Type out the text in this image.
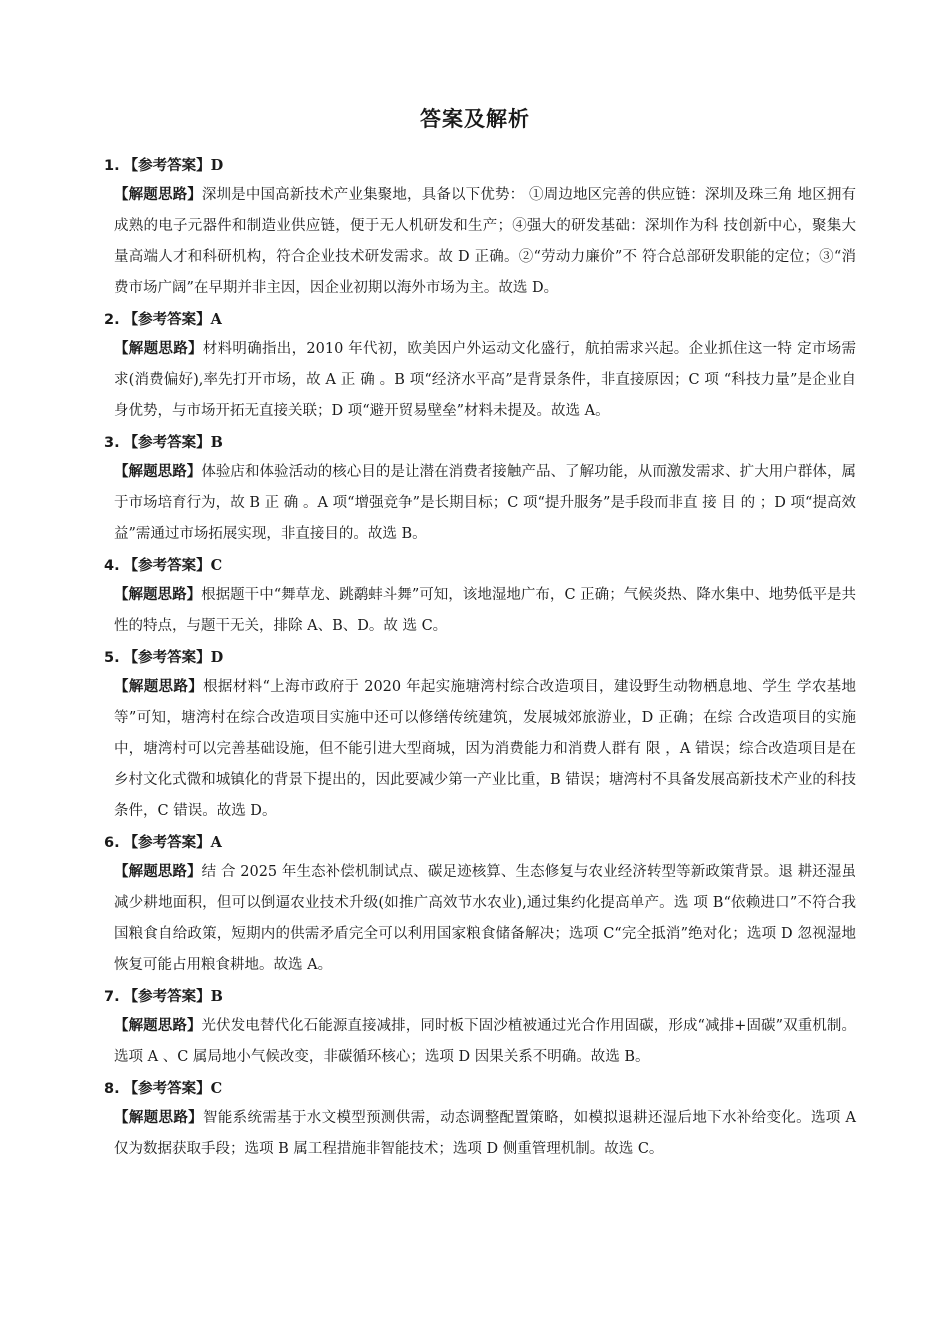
答案及解析
1. 【参考答案】D
【解题思路】深圳是中国高新技术产业集聚地，具备以下优势： ①周边地区完善的供应链：深圳及珠三角 地区拥有成熟的电子元器件和制造业供应链，便于无人机研发和生产；④强大的研发基础：深圳作为科 技创新中心，聚集大量高端人才和科研机构，符合企业技术研发需求。故 D 正确。②“劳动力廉价”不 符合总部研发职能的定位；③“消费市场广阔”在早期并非主因，因企业初期以海外市场为主。故选 D。
2. 【参考答案】A
【解题思路】材料明确指出，2010 年代初，欧美因户外运动文化盛行，航拍需求兴起。企业抓住这一特 定市场需求(消费偏好),率先打开市场，故 A 正 确 。B 项“经济水平高”是背景条件，非直接原因；C 项 “科技力量”是企业自身优势，与市场开拓无直接关联；D 项“避开贸易壁垒”材料未提及。故选 A。
3. 【参考答案】B
【解题思路】体验店和体验活动的核心目的是让潜在消费者接触产品、了解功能，从而激发需求、扩大用户群体，属于市场培育行为，故 B 正 确 。A 项“增强竞争”是长期目标；C 项“提升服务”是手段而非直 接 目 的 ；D 项“提高效益”需通过市场拓展实现，非直接目的。故选 B。
4. 【参考答案】C
【解题思路】根据题干中“舞草龙、跳鹬蚌斗舞”可知，该地湿地广布，C 正确；气候炎热、降水集中、地势低平是共性的特点，与题干无关，排除 A、B、D。故 选 C。
5. 【参考答案】D
【解题思路】根据材料“上海市政府于 2020 年起实施塘湾村综合改造项目，建设野生动物栖息地、学生 学农基地等”可知，塘湾村在综合改造项目实施中还可以修缮传统建筑，发展城郊旅游业，D 正确；在综 合改造项目的实施中，塘湾村可以完善基础设施，但不能引进大型商城，因为消费能力和消费人群有 限 ，A 错误；综合改造项目是在乡村文化式微和城镇化的背景下提出的，因此要减少第一产业比重，B 错误；塘湾村不具备发展高新技术产业的科技条件，C 错误。故选 D。
6. 【参考答案】A
【解题思路】结 合 2025 年生态补偿机制试点、碳足迹核算、生态修复与农业经济转型等新政策背景。退 耕还湿虽减少耕地面积，但可以倒逼农业技术升级(如推广高效节水农业),通过集约化提高单产。选 项 B“依赖进口”不符合我国粮食自给政策，短期内的供需矛盾完全可以利用国家粮食储备解决；选项 C“完全抵消”绝对化；选项 D 忽视湿地恢复可能占用粮食耕地。故选 A。
7. 【参考答案】B
【解题思路】光伏发电替代化石能源直接减排，同时板下固沙植被通过光合作用固碳，形成“减排+固碳”双重机制。选项 A 、C 属局地小气候改变，非碳循环核心；选项 D 因果关系不明确。故选 B。
8. 【参考答案】C
【解题思路】智能系统需基于水文模型预测供需，动态调整配置策略，如模拟退耕还湿后地下水补给变化。选项 A 仅为数据获取手段；选项 B 属工程措施非智能技术；选项 D 侧重管理机制。故选 C。
